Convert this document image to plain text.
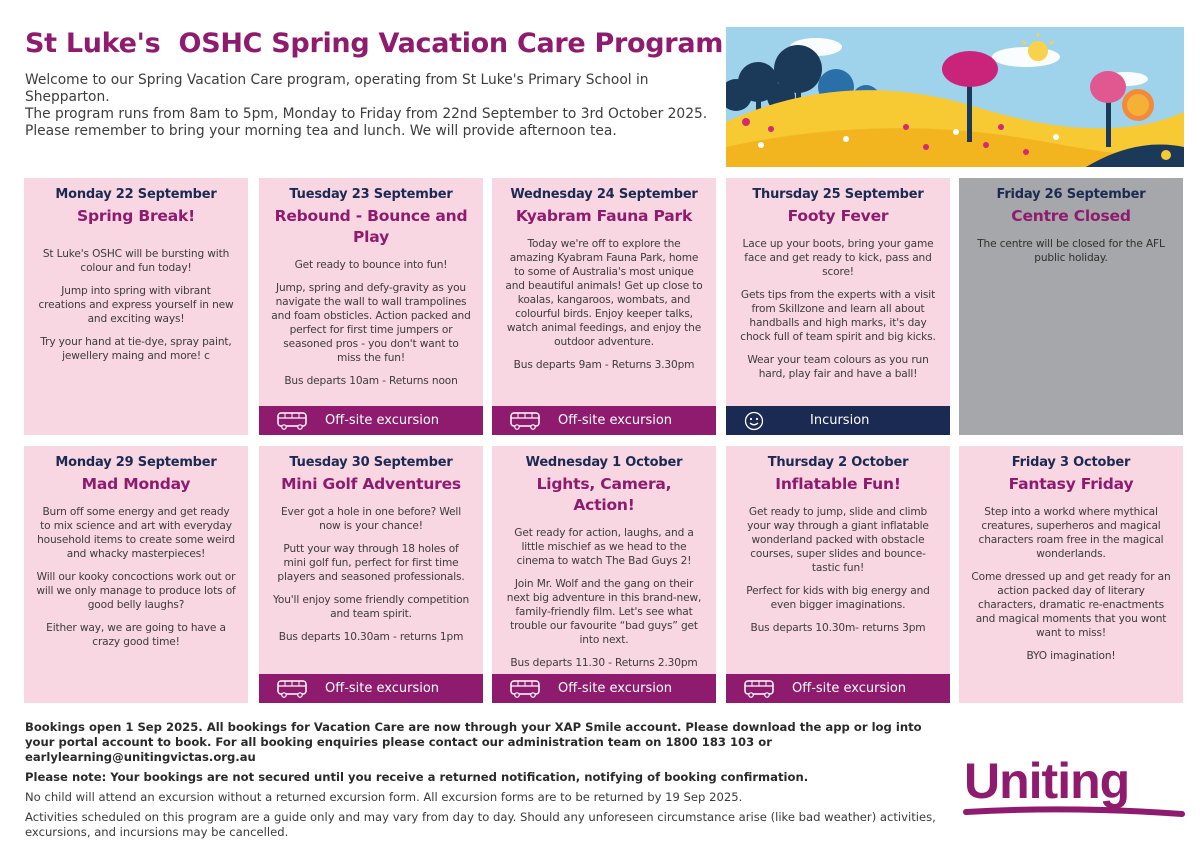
St Luke's  OSHC Spring Vacation Care Program
Welcome to our Spring Vacation Care program, operating from St Luke's Primary School in Shepparton.
The program runs from 8am to 5pm, Monday to Friday from 22nd September to 3rd October 2025.
Please remember to bring your morning tea and lunch. We will provide afternoon tea.
Monday 22 September
Spring Break!

St Luke's OSHC will be bursting with colour and fun today!

Jump into spring with vibrant creations and express yourself in new and exciting ways!

Try your hand at tie-dye, spray paint, jewellery maing and more! c

Tuesday 23 September
Rebound - Bounce and Play

Get ready to bounce into fun!

Jump, spring and defy-gravity as you navigate the wall to wall trampolines and foam obsticles. Action packed and perfect for first time jumpers or seasoned pros - you don't want to miss the fun!

Bus departs 10am - Returns noon

Off-site excursion
Wednesday 24 September
Kyabram Fauna Park

Today we're off to explore the amazing Kyabram Fauna Park, home to some of Australia's most unique and beautiful animals! Get up close to koalas, kangaroos, wombats, and colourful birds. Enjoy keeper talks, watch animal feedings, and enjoy the outdoor adventure.

Bus departs 9am - Returns 3.30pm

Off-site excursion
Thursday 25 September
Footy Fever

Lace up your boots, bring your game face and get ready to kick, pass and score!

Gets tips from the experts with a visit from Skillzone and learn all about handballs and high marks, it's day chock full of team spirit and big kicks.

Wear your team colours as you run hard, play fair and have a ball!

Incursion
Friday 26 September
Centre Closed

The centre will be closed for the AFL public holiday.

Monday 29 September
Mad Monday

Burn off some energy and get ready to mix science and art with everyday household items to create some weird and whacky masterpieces!

Will our kooky concoctions work out or will we only manage to produce lots of good belly laughs?

Either way, we are going to have a crazy good time!

Tuesday 30 September
Mini Golf Adventures

Ever got a hole in one before? Well now is your chance!

Putt your way through 18 holes of mini golf fun, perfect for first time players and seasoned professionals.

You'll enjoy some friendly competition and team spirit.

Bus departs 10.30am - returns 1pm

Off-site excursion
Wednesday 1 October
Lights, Camera, Action!

Get ready for action, laughs, and a little mischief as we head to the cinema to watch The Bad Guys 2!

Join Mr. Wolf and the gang on their next big adventure in this brand-new, family-friendly film. Let's see what trouble our favourite “bad guys” get into next.

Bus departs 11.30 - Returns 2.30pm

Off-site excursion
Thursday 2 October
Inflatable Fun!

Get ready to jump, slide and climb your way through a giant inflatable wonderland packed with obstacle courses, super slides and bounce-tastic fun!

Perfect for kids with big energy and even bigger imaginations.

Bus departs 10.30m- returns 3pm

Off-site excursion
Friday 3 October
Fantasy Friday

Step into a workd where mythical creatures, superheros and magical characters roam free in the magical wonderlands.

Come dressed up and get ready for an action packed day of literary characters, dramatic re-enactments and magical moments that you wont want to miss!

BYO imagination!

Bookings open 1 Sep 2025. All bookings for Vacation Care are now through your XAP Smile account. Please download the app or log into your portal account to book. For all booking enquiries please contact our administration team on 1800 183 103 or earlylearning@unitingvictas.org.au
Please note: Your bookings are not secured until you receive a returned notification, notifying of booking confirmation.
No child will attend an excursion without a returned excursion form. All excursion forms are to be returned by 19 Sep 2025.
Activities scheduled on this program are a guide only and may vary from day to day. Should any unforeseen circumstance arise (like bad weather) activities, excursions, and incursions may be cancelled.
Uniting
